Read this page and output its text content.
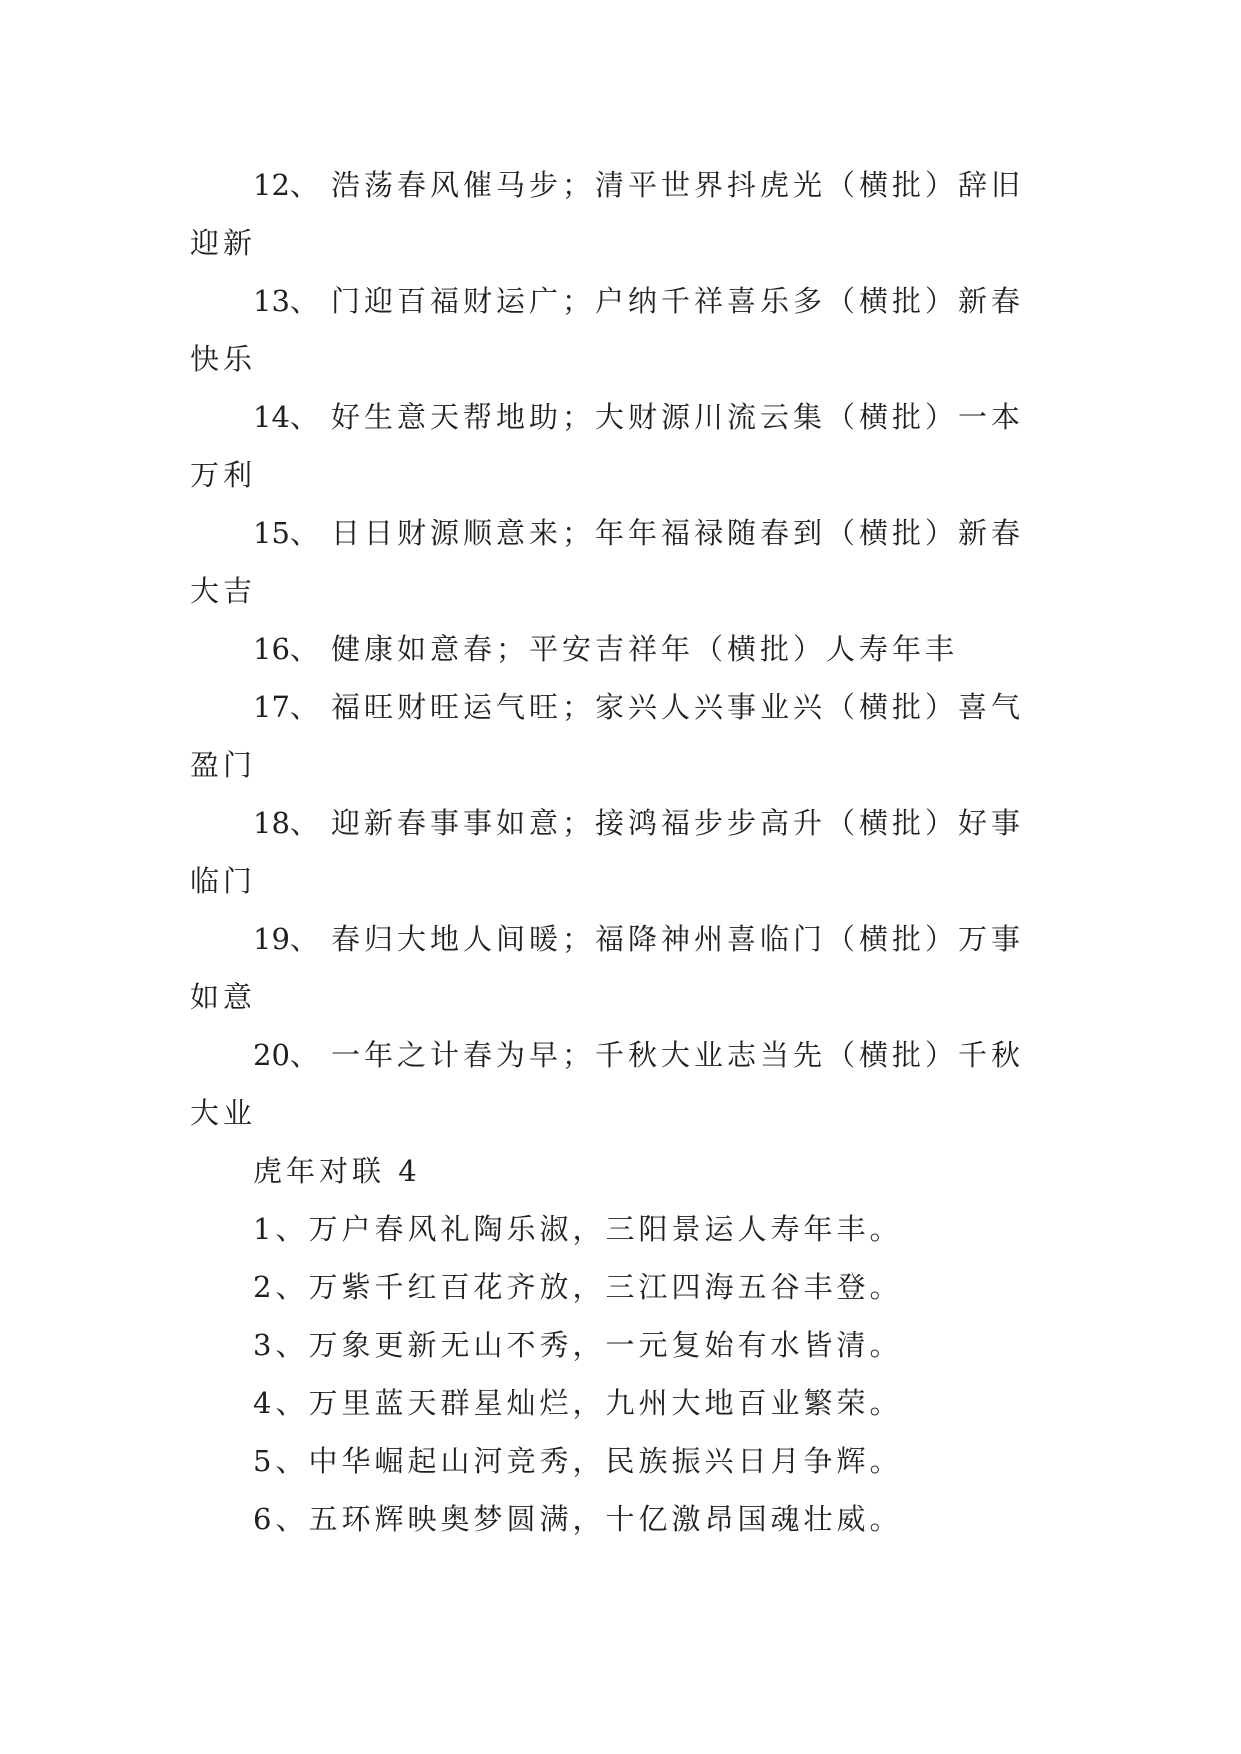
12、 浩荡春风催马步；清平世界抖虎光（横批）辞旧
迎新
13、 门迎百福财运广；户纳千祥喜乐多（横批）新春
快乐
14、 好生意天帮地助；大财源川流云集（横批）一本
万利
15、 日日财源顺意来；年年福禄随春到（横批）新春
大吉
16、 健康如意春；平安吉祥年（横批）人寿年丰
17、 福旺财旺运气旺；家兴人兴事业兴（横批）喜气
盈门
18、 迎新春事事如意；接鸿福步步高升（横批）好事
临门
19、 春归大地人间暖；福降神州喜临门（横批）万事
如意
20、 一年之计春为早；千秋大业志当先（横批）千秋
大业
虎年对联 4
1、万户春风礼陶乐淑，三阳景运人寿年丰。
2、万紫千红百花齐放，三江四海五谷丰登。
3、万象更新无山不秀，一元复始有水皆清。
4、万里蓝天群星灿烂，九州大地百业繁荣。
5、中华崛起山河竞秀，民族振兴日月争辉。
6、五环辉映奥梦圆满，十亿激昂国魂壮威。
